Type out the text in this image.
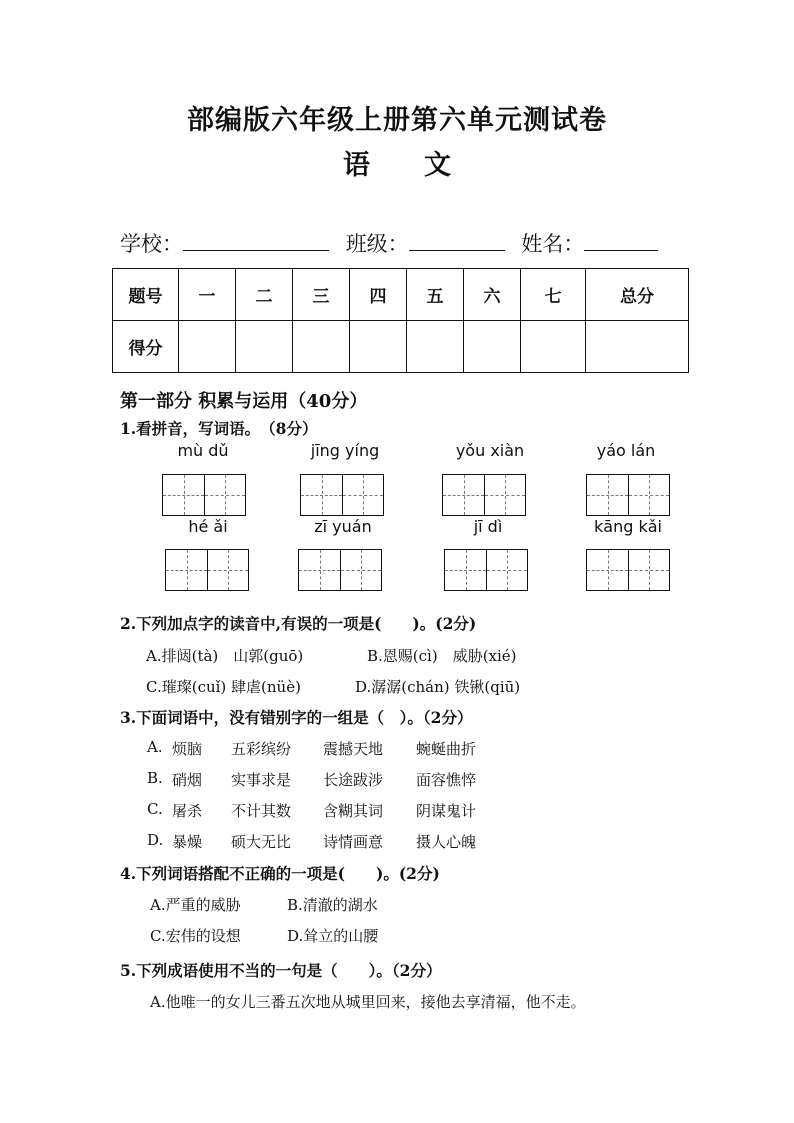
部编版六年级上册第六单元测试卷
语　　文
学校：	班级：	姓名：
题号	一	二	三	四	五	六	七	总分
得分								
第一部分 积累与运用（40分）
1.看拼音，写词语。　（8分）
mù dǔ	jīng yíng	yǒu xiàn	yáo lán
hé ǎi	zī yuán	jī dì	kāng kǎi
2.下列加点字的读音中,有误的一项是(　　)。(2分)
A.排闼(tà)　山郭(guō)	B.恩赐(cì)　威胁(xié)
C.璀璨(cuǐ) 肆虐(nüè)	D.潺潺(chán) 铁锹(qiū)
3.下面词语中，没有错别字的一组是（　）。（2分）
A. 烦脑 五彩缤纷 震撼天地 蜿蜒曲折
B. 硝烟 实事求是 长途跋涉 面容憔悴
C. 屠杀 不计其数 含糊其词 阴谋鬼计
D. 暴燥 硕大无比 诗情画意 摄人心魄
4.下列词语搭配不正确的一项是(　　)。(2分)
A.严重的威胁	B.清澈的湖水
C.宏伟的设想	D.耸立的山腰
5.下列成语使用不当的一句是（　　）。（2分）
A.他唯一的女儿三番五次地从城里回来，接他去享清福，他不走。
